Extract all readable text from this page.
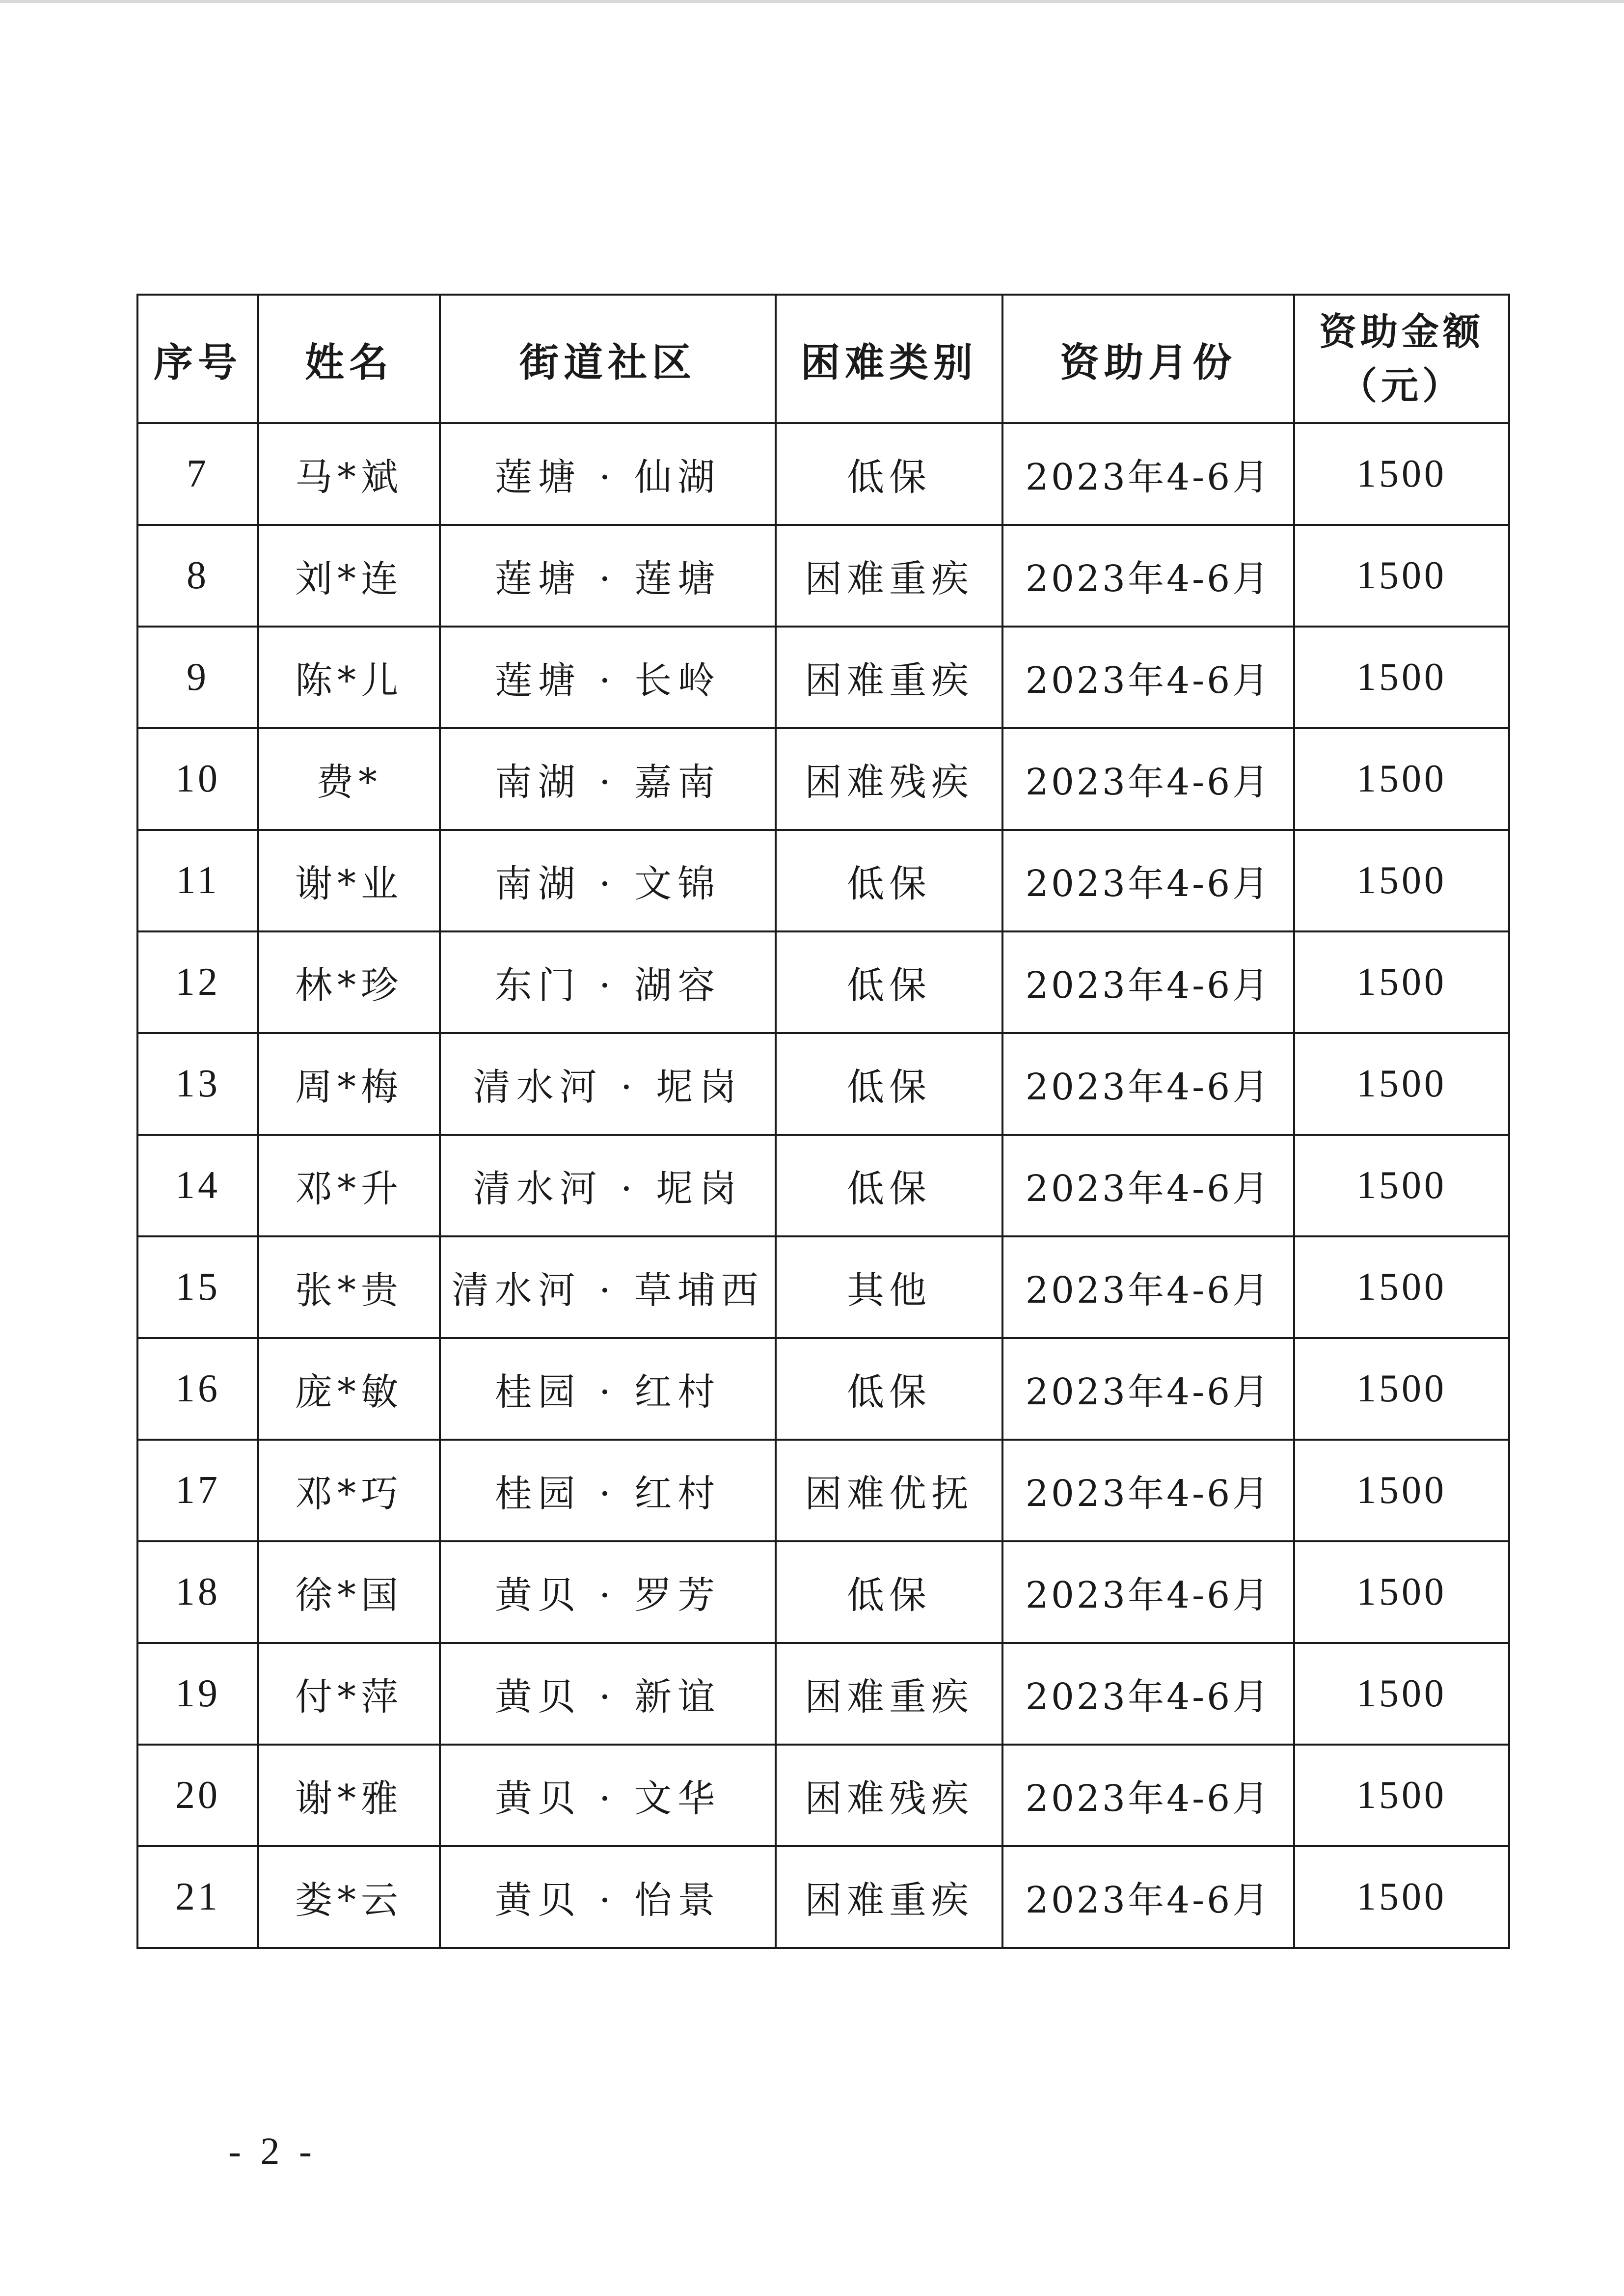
序号	姓名	街道社区	困难类别	资助月份	资助金额
（元）

7	马*斌	莲塘 · 仙湖	低保	2023年4-6月	1500
8	刘*连	莲塘 · 莲塘	困难重疾	2023年4-6月	1500
9	陈*儿	莲塘 · 长岭	困难重疾	2023年4-6月	1500
10	费*	南湖 · 嘉南	困难残疾	2023年4-6月	1500
11	谢*业	南湖 · 文锦	低保	2023年4-6月	1500
12	林*珍	东门 · 湖容	低保	2023年4-6月	1500
13	周*梅	清水河 · 坭岗	低保	2023年4-6月	1500
14	邓*升	清水河 · 坭岗	低保	2023年4-6月	1500
15	张*贵	清水河 · 草埔西	其他	2023年4-6月	1500
16	庞*敏	桂园 · 红村	低保	2023年4-6月	1500
17	邓*巧	桂园 · 红村	困难优抚	2023年4-6月	1500
18	徐*国	黄贝 · 罗芳	低保	2023年4-6月	1500
19	付*萍	黄贝 · 新谊	困难重疾	2023年4-6月	1500
20	谢*雅	黄贝 · 文华	困难残疾	2023年4-6月	1500
21	娄*云	黄贝 · 怡景	困难重疾	2023年4-6月	1500
- 2 -
